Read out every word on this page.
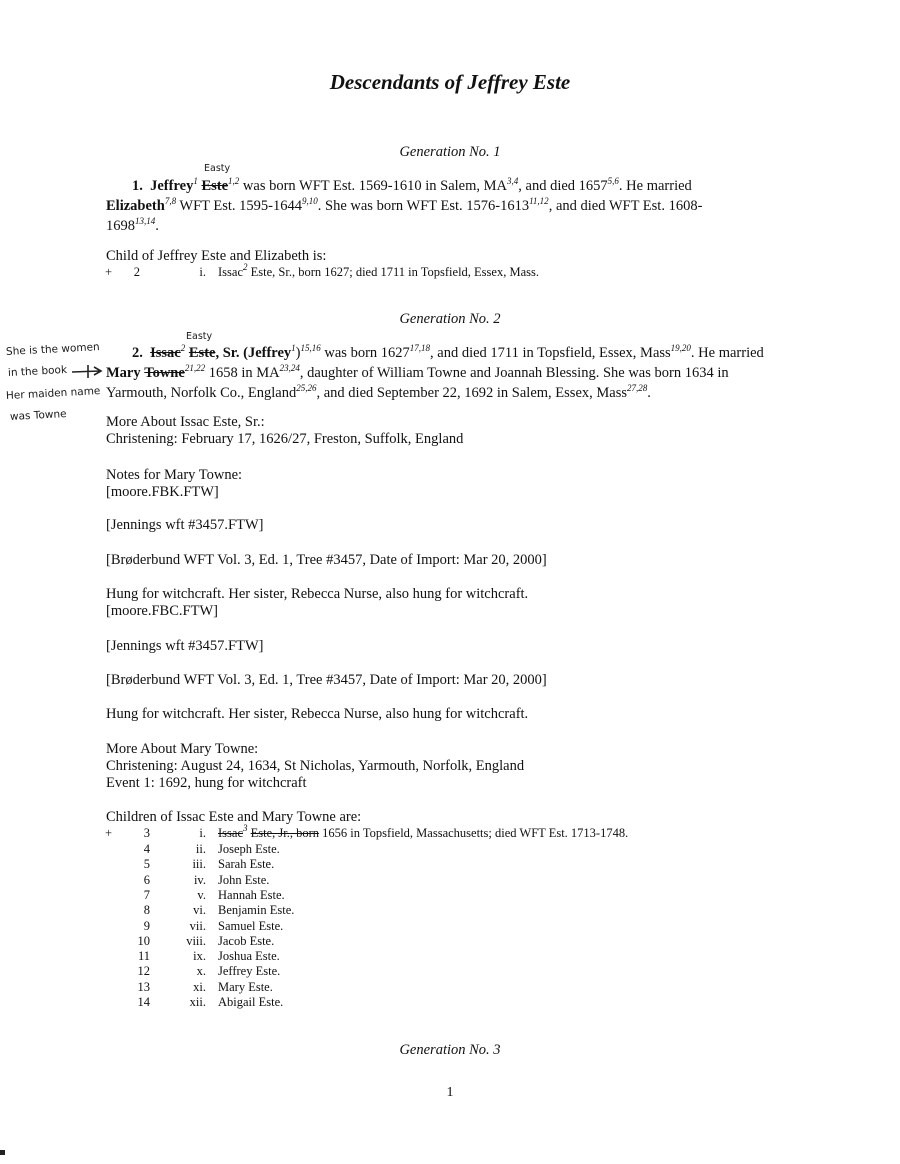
Descendants of Jeffrey Este
Generation No. 1
Easty
1. Jeffrey$^1$ Este$^{1,2}$ was born WFT Est. 1569-1610 in Salem, MA$^{3,4}$, and died 1657$^{5,6}$. He married Elizabeth$^{7,8}$ WFT Est. 1595-1644$^{9,10}$. She was born WFT Est. 1576-1613$^{11,12}$, and died WFT Est. 1608-1698$^{13,14}$.
Child of Jeffrey Este and Elizabeth is:
+	2	i. Issac$^2$ Este, Sr., born 1627; died 1711 in Topsfield, Essex, Mass.
Generation No. 2
Easty
She is the women
in the book
Her maiden name
was Towne
2. Issac$^2$ Este, Sr. (Jeffrey$^1$)$^{15,16}$ was born 1627$^{17,18}$, and died 1711 in Topsfield, Essex, Mass$^{19,20}$. He married Mary Towne$^{21,22}$ 1658 in MA$^{23,24}$, daughter of William Towne and Joannah Blessing. She was born 1634 in Yarmouth, Norfolk Co., England$^{25,26}$, and died September 22, 1692 in Salem, Essex, Mass$^{27,28}$.
More About Issac Este, Sr.:
Christening: February 17, 1626/27, Freston, Suffolk, England
Notes for Mary Towne:
[moore.FBK.FTW]
[Jennings wft #3457.FTW]
[Brøderbund WFT Vol. 3, Ed. 1, Tree #3457, Date of Import: Mar 20, 2000]
Hung for witchcraft. Her sister, Rebecca Nurse, also hung for witchcraft.
[moore.FBC.FTW]
[Jennings wft #3457.FTW]
[Brøderbund WFT Vol. 3, Ed. 1, Tree #3457, Date of Import: Mar 20, 2000]
Hung for witchcraft. Her sister, Rebecca Nurse, also hung for witchcraft.
More About Mary Towne:
Christening: August 24, 1634, St Nicholas, Yarmouth, Norfolk, England
Event 1: 1692, hung for witchcraft
Children of Issac Este and Mary Towne are:
+	3	i. Issac$^3$ Este, Jr., born 1656 in Topsfield, Massachusetts; died WFT Est. 1713-1748.
4	ii. Joseph Este.
5	iii. Sarah Este.
6	iv. John Este.
7	v. Hannah Este.
8	vi. Benjamin Este.
9	vii. Samuel Este.
10	viii. Jacob Este.
11	ix. Joshua Este.
12	x. Jeffrey Este.
13	xi. Mary Este.
14	xii. Abigail Este.
Generation No. 3
1
